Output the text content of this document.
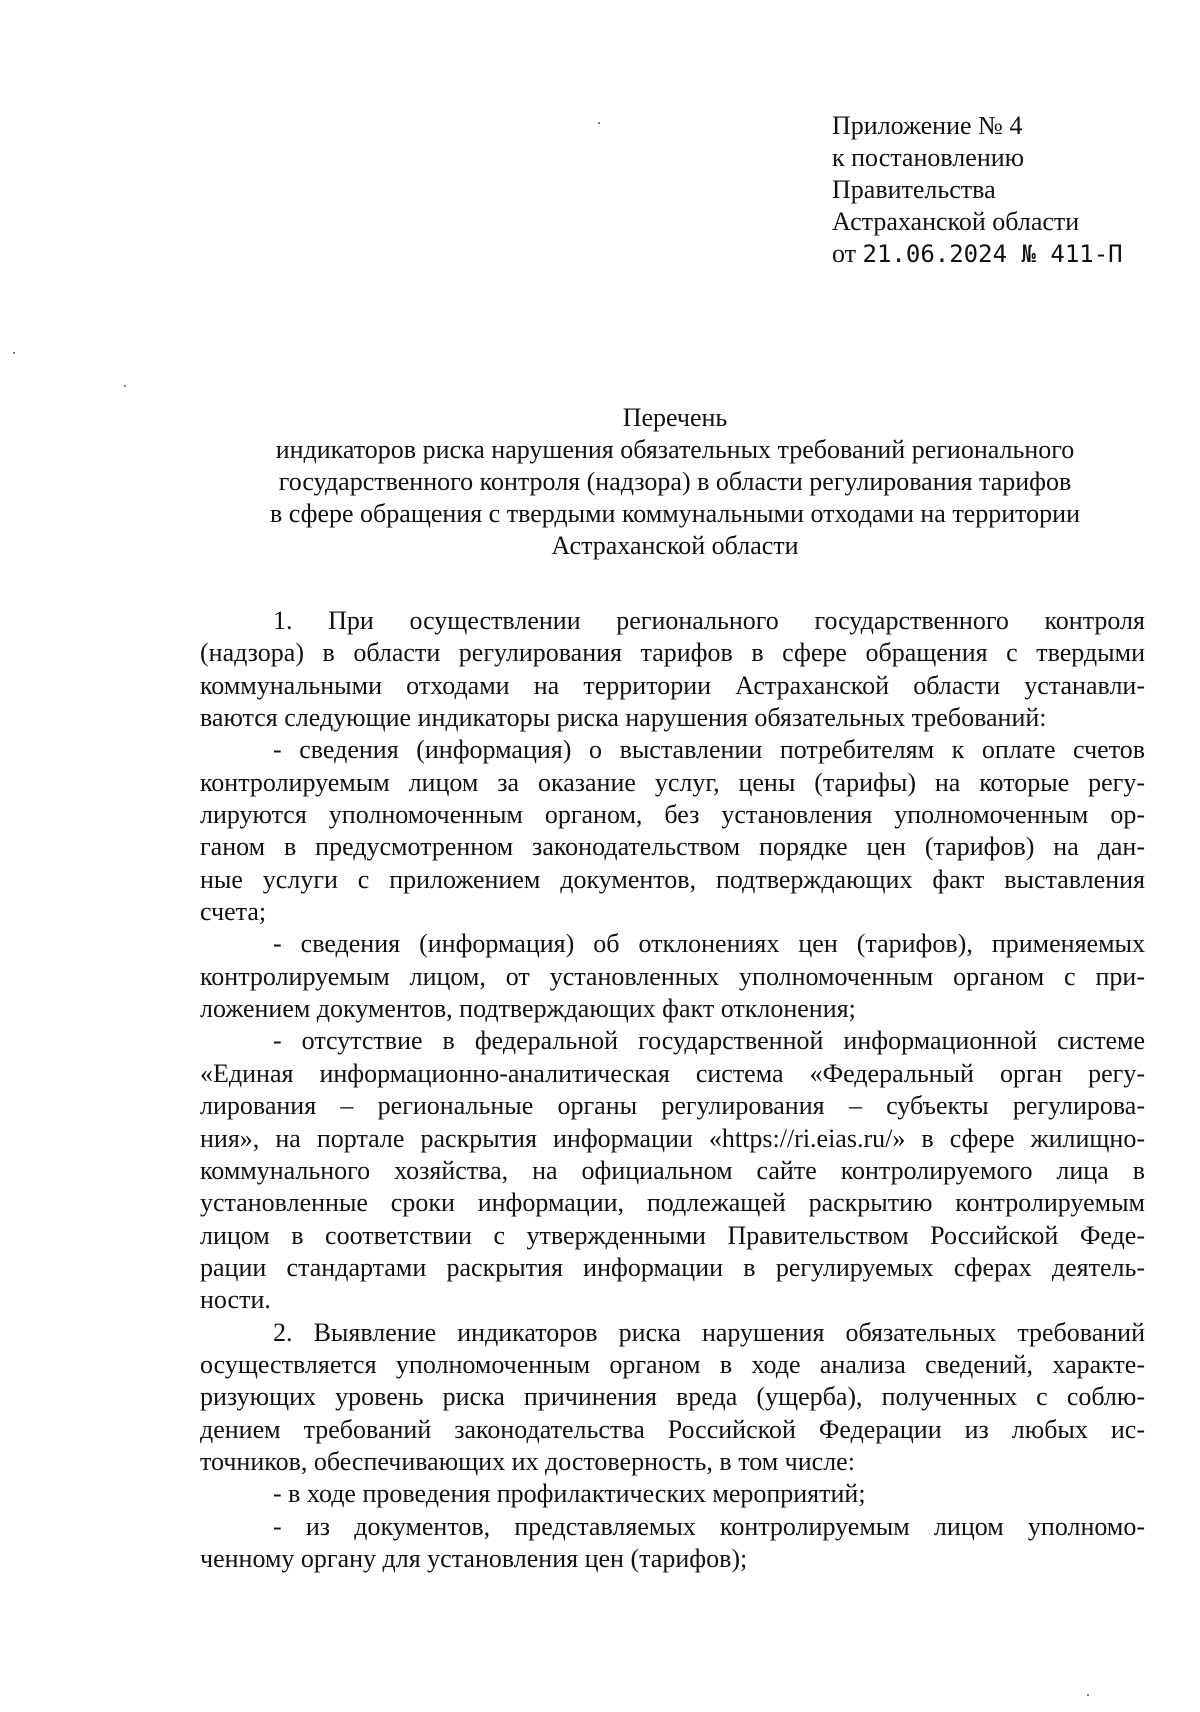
Приложение № 4
к постановлению
Правительства
Астраханской области
от 21.06.2024 № 411-П
Перечень
индикаторов риска нарушения обязательных требований регионального
государственного контроля (надзора) в области регулирования тарифов
в сфере обращения с твердыми коммунальными отходами на территории
Астраханской области
1. При осуществлении регионального государственного контроля
(надзора) в области регулирования тарифов в сфере обращения с твердыми
коммунальными отходами на территории Астраханской области устанавли-
ваются следующие индикаторы риска нарушения обязательных требований:
- сведения (информация) о выставлении потребителям к оплате счетов
контролируемым лицом за оказание услуг, цены (тарифы) на которые регу-
лируются уполномоченным органом, без установления уполномоченным ор-
ганом в предусмотренном законодательством порядке цен (тарифов) на дан-
ные услуги с приложением документов, подтверждающих факт выставления
счета;
- сведения (информация) об отклонениях цен (тарифов), применяемых
контролируемым лицом, от установленных уполномоченным органом с при-
ложением документов, подтверждающих факт отклонения;
- отсутствие в федеральной государственной информационной системе
«Единая информационно-аналитическая система «Федеральный орган регу-
лирования – региональные органы регулирования – субъекты регулирова-
ния», на портале раскрытия информации «https://ri.eias.ru/» в сфере жилищно-
коммунального хозяйства, на официальном сайте контролируемого лица в
установленные сроки информации, подлежащей раскрытию контролируемым
лицом в соответствии с утвержденными Правительством Российской Феде-
рации стандартами раскрытия информации в регулируемых сферах деятель-
ности.
2. Выявление индикаторов риска нарушения обязательных требований
осуществляется уполномоченным органом в ходе анализа сведений, характе-
ризующих уровень риска причинения вреда (ущерба), полученных с соблю-
дением требований законодательства Российской Федерации из любых ис-
точников, обеспечивающих их достоверность, в том числе:
- в ходе проведения профилактических мероприятий;
- из документов, представляемых контролируемым лицом уполномо-
ченному органу для установления цен (тарифов);
